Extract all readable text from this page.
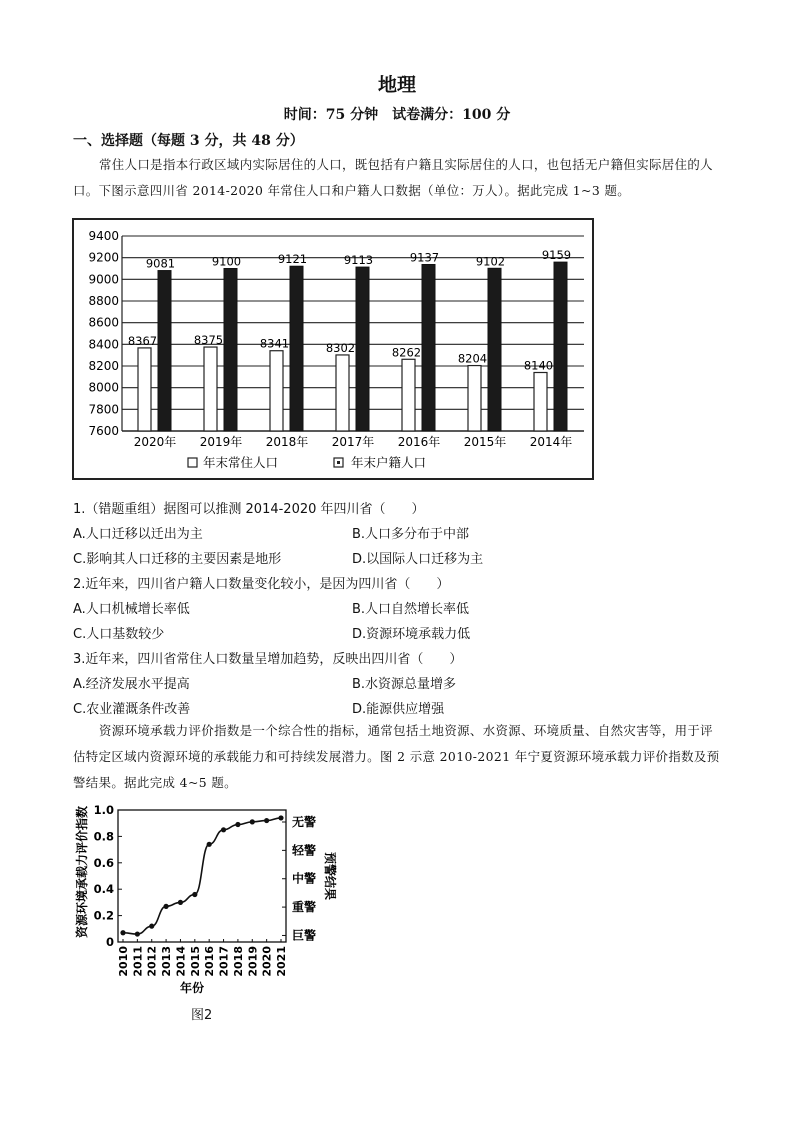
地理
时间：75 分钟　试卷满分：100 分
一、选择题（每题 3 分，共 48 分）
常住人口是指本行政区域内实际居住的人口，既包括有户籍且实际居住的人口，也包括无户籍但实际居住的人口。下图示意四川省 2014-2020 年常住人口和户籍人口数据（单位：万人）。据此完成 1~3 题。
7600
7800
8000
8200
8400
8600
8800
9000
9200
9400
8367
9081
8375
9100
8341
9121
8302
9113
8262
9137
8204
9102
8140
9159
2020年 2019年 2018年 2017年 2016年 2015年 2014年
年末常住人口	年末户籍人口
1.（错题重组）据图可以推测 2014-2020 年四川省（　　）
A.人口迁移以迁出为主	B.人口多分布于中部
C.影响其人口迁移的主要因素是地形	D.以国际人口迁移为主
2.近年来，四川省户籍人口数量变化较小，是因为四川省（　　）
A.人口机械增长率低	B.人口自然增长率低
C.人口基数较少	D.资源环境承载力低
3.近年来，四川省常住人口数量呈增加趋势，反映出四川省（　　）
A.经济发展水平提高	B.水资源总量增多
C.农业灌溉条件改善	D.能源供应增强
资源环境承载力评价指数是一个综合性的指标，通常包括土地资源、水资源、环境质量、自然灾害等，用于评估特定区域内资源环境的承载能力和可持续发展潜力。图 2 示意 2010-2021 年宁夏资源环境承载力评价指数及预警结果。据此完成 4~5 题。
资源环境承载力评价指数
0
0.2
0.4
0.6
0.8
1.0
无警
轻警
中警
重警
巨警
2010 2011 2012 2013 2014 2015 2016 2017 2018 2019 2020 2021
预警结果
年份
图2
